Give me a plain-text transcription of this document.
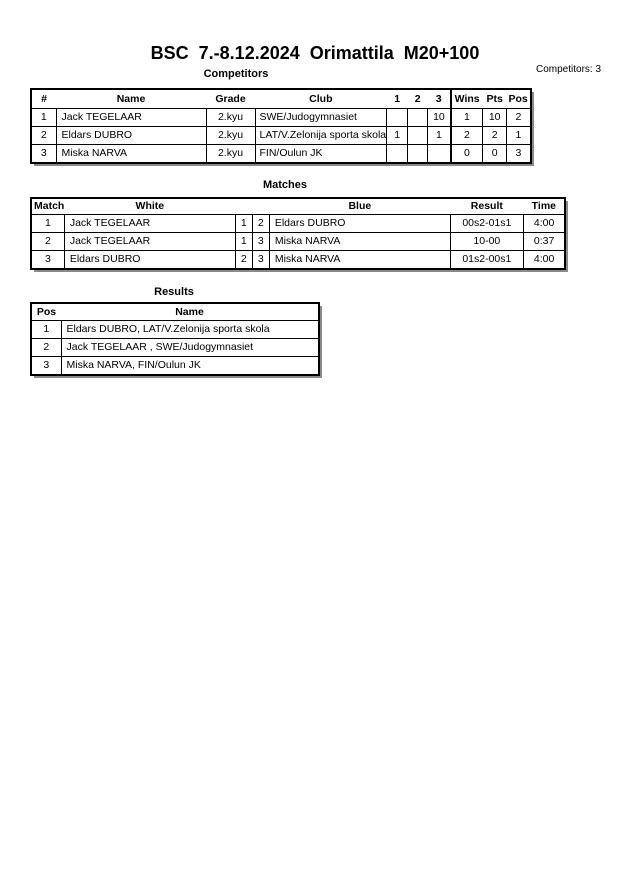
BSC  7.-8.12.2024  Orimattila  M20+100
Competitors: 3
Competitors
#	Name	Grade	Club	1	2	3	Wins	Pts	Pos
1	Jack TEGELAAR	2.kyu	SWE/Judogymnasiet			10	1	10	2
2	Eldars DUBRO	2.kyu	LAT/V.Zelonija sporta skola	1		1	2	2	1
3	Miska NARVA	2.kyu	FIN/Oulun JK				0	0	3
Matches
Match	White			Blue	Result	Time
1	Jack TEGELAAR	1	2	Eldars DUBRO	00s2-01s1	4:00
2	Jack TEGELAAR	1	3	Miska NARVA	10-00	0:37
3	Eldars DUBRO	2	3	Miska NARVA	01s2-00s1	4:00
Results
Pos	Name
1	Eldars DUBRO, LAT/V.Zelonija sporta skola
2	Jack TEGELAAR , SWE/Judogymnasiet
3	Miska NARVA, FIN/Oulun JK
